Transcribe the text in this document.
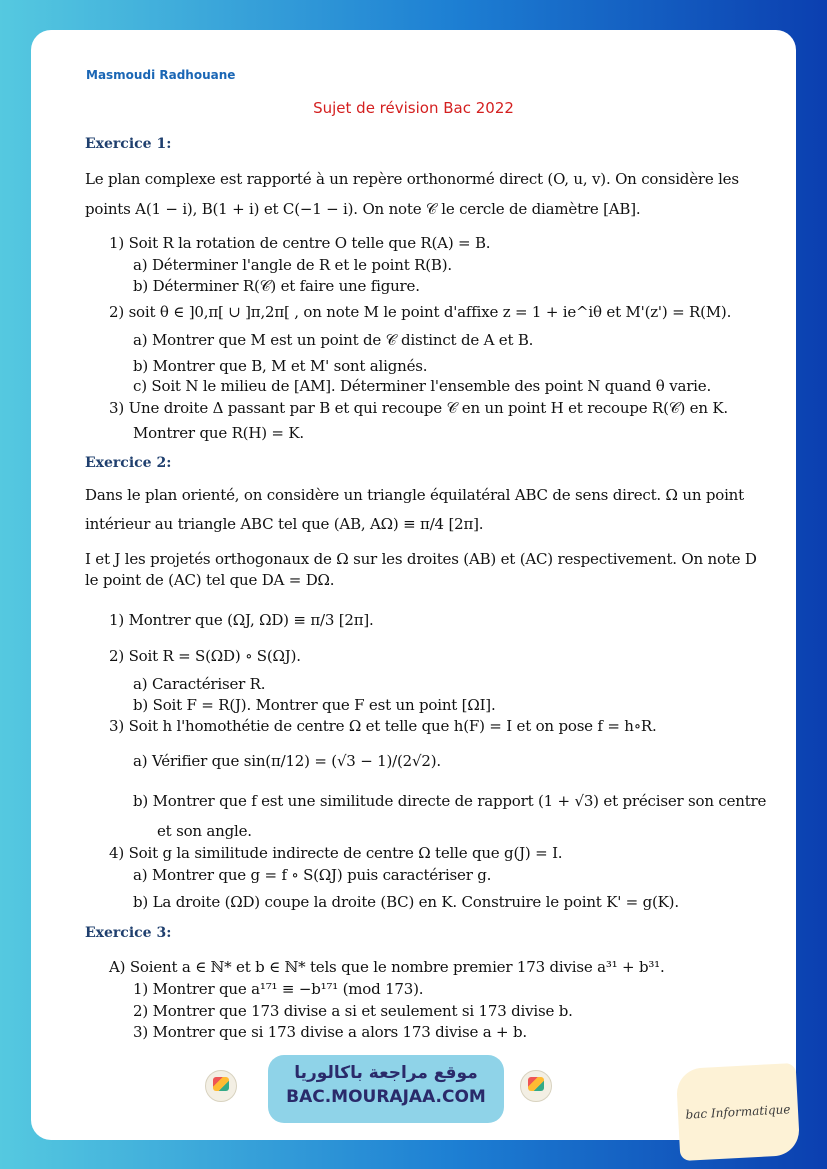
Masmoudi Radhouane
Sujet de révision Bac 2022
Exercice 1:
Le plan complexe est rapporté à un repère orthonormé direct (O, u, v). On considère les
points A(1 − i), B(1 + i) et C(−1 − i). On note 𝒞 le cercle de diamètre [AB].
1) Soit R la rotation de centre O telle que R(A) = B.
a) Déterminer l'angle de R et le point R(B).
b) Déterminer R(𝒞) et faire une figure.
2) soit θ ∈ ]0,π[ ∪ ]π,2π[ , on note M le point d'affixe z = 1 + ie^iθ et M'(z') = R(M).
a) Montrer que M est un point de 𝒞 distinct de A et B.
b) Montrer que B, M et M' sont alignés.
c) Soit N le milieu de [AM]. Déterminer l'ensemble des point N quand θ varie.
3) Une droite Δ passant par B et qui recoupe 𝒞 en un point H et recoupe R(𝒞) en K.
Montrer que R(H) = K.
Exercice 2:
Dans le plan orienté, on considère un triangle équilatéral ABC de sens direct. Ω un point
intérieur au triangle ABC tel que (AB, AΩ) ≡ π/4 [2π].
I et J les projetés orthogonaux de Ω sur les droites (AB) et (AC) respectivement. On note D
le point de (AC) tel que DA = DΩ.
1) Montrer que (ΩJ, ΩD) ≡ π/3 [2π].
2) Soit R = S(ΩD) ∘ S(ΩJ).
a) Caractériser R.
b) Soit F = R(J). Montrer que F est un point [ΩI].
3) Soit h l'homothétie de centre Ω et telle que h(F) = I et on pose f = h∘R.
a) Vérifier que sin(π/12) = (√3 − 1)/(2√2).
b) Montrer que f est une similitude directe de rapport (1 + √3) et préciser son centre
et son angle.
4) Soit g la similitude indirecte de centre Ω telle que g(J) = I.
a) Montrer que g = f ∘ S(ΩJ) puis caractériser g.
b) La droite (ΩD) coupe la droite (BC) en K. Construire le point K' = g(K).
Exercice 3:
A) Soient a ∈ ℕ* et b ∈ ℕ* tels que le nombre premier 173 divise a³¹ + b³¹.
1) Montrer que a¹⁷¹ ≡ −b¹⁷¹ (mod 173).
2) Montrer que 173 divise a si et seulement si 173 divise b.
3) Montrer que si 173 divise a alors 173 divise a + b.
موقع مراجعة باكالوريا
BAC.MOURAJAA.COM
bac Informatique
